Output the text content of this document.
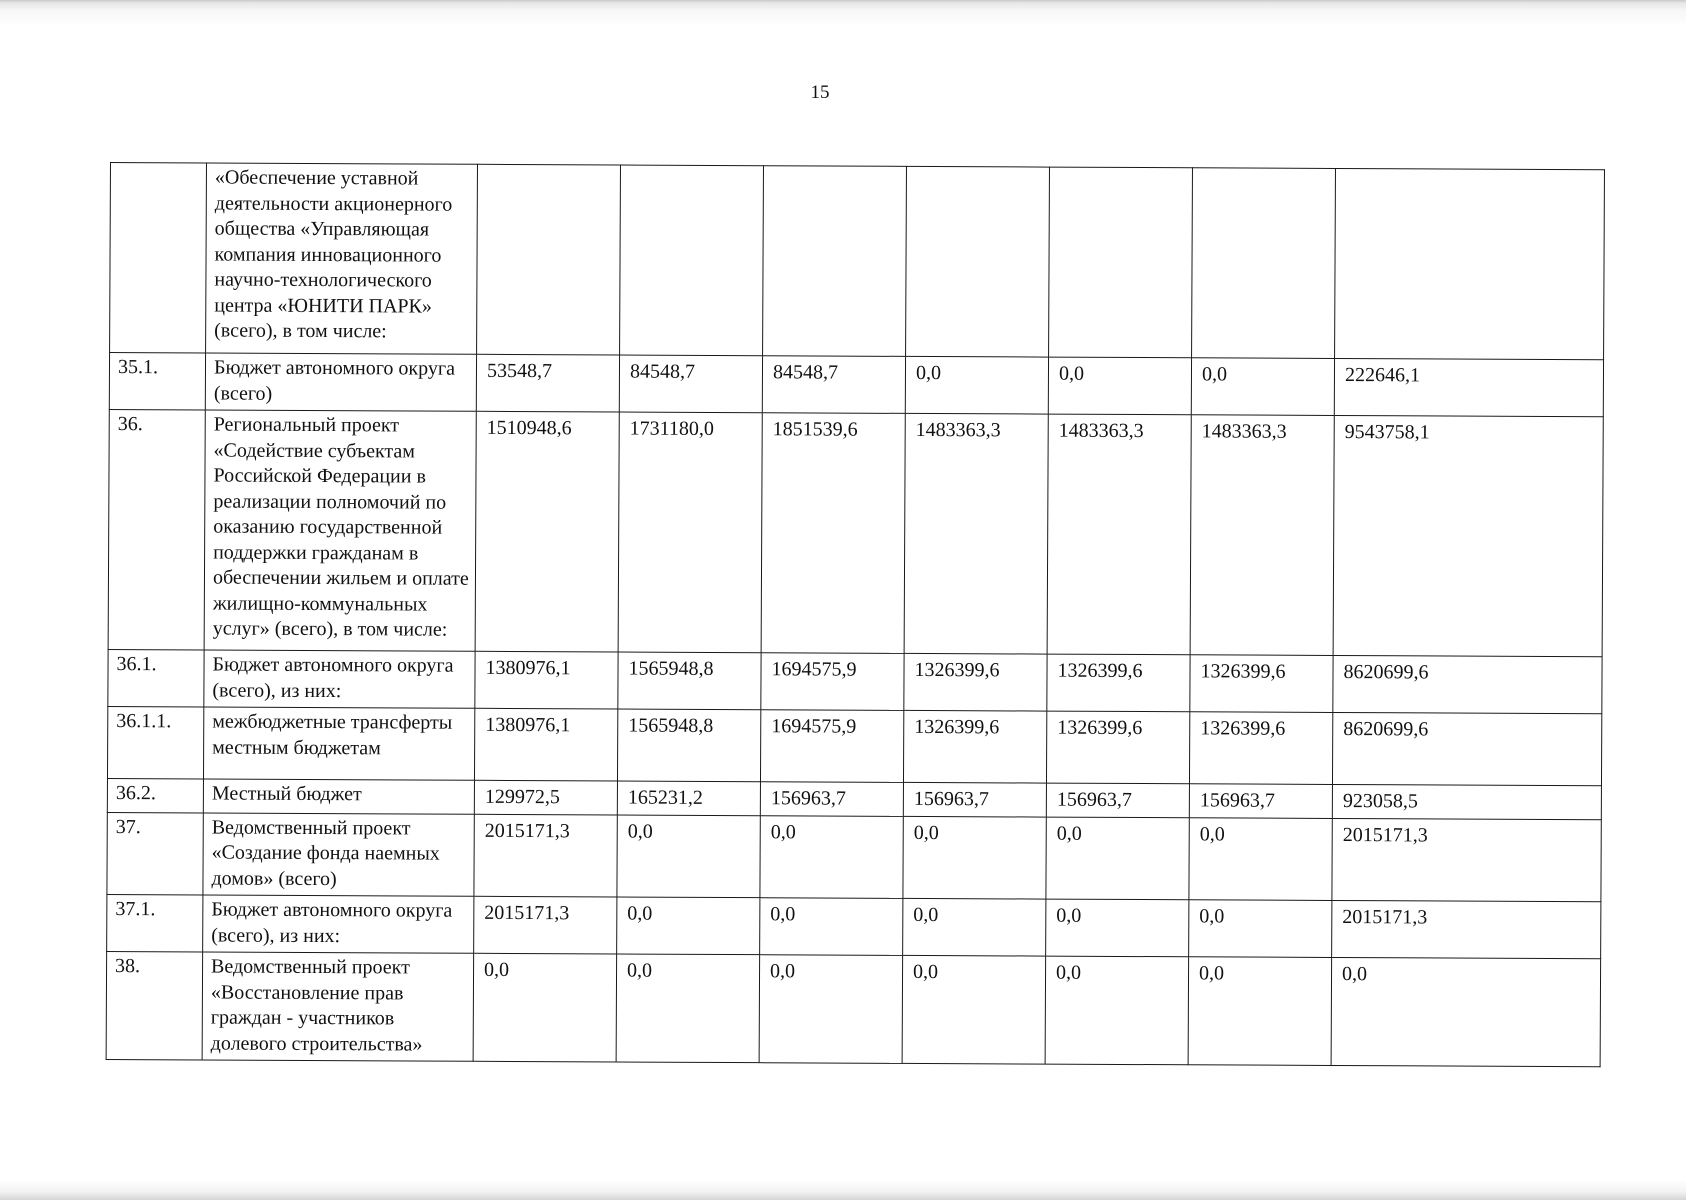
15
	«Обеспечение уставной деятельности акционерного общества «Управляющая компания инновационного научно-технологического центра «ЮНИТИ ПАРК» (всего), в том числе:							
35.1.	Бюджет автономного округа (всего)	53548,7	84548,7	84548,7	0,0	0,0	0,0	222646,1
36.	Региональный проект «Содействие субъектам Российской Федерации в реализации полномочий по оказанию государственной поддержки гражданам в обеспечении жильем и оплате жилищно-коммунальных услуг» (всего), в том числе:	1510948,6	1731180,0	1851539,6	1483363,3	1483363,3	1483363,3	9543758,1
36.1.	Бюджет автономного округа (всего), из них:	1380976,1	1565948,8	1694575,9	1326399,6	1326399,6	1326399,6	8620699,6
36.1.1.	межбюджетные трансферты местным бюджетам	1380976,1	1565948,8	1694575,9	1326399,6	1326399,6	1326399,6	8620699,6
36.2.	Местный бюджет	129972,5	165231,2	156963,7	156963,7	156963,7	156963,7	923058,5
37.	Ведомственный проект «Создание фонда наемных домов» (всего)	2015171,3	0,0	0,0	0,0	0,0	0,0	2015171,3
37.1.	Бюджет автономного округа (всего), из них:	2015171,3	0,0	0,0	0,0	0,0	0,0	2015171,3
38.	Ведомственный проект «Восстановление прав граждан - участников долевого строительства»	0,0	0,0	0,0	0,0	0,0	0,0	0,0
